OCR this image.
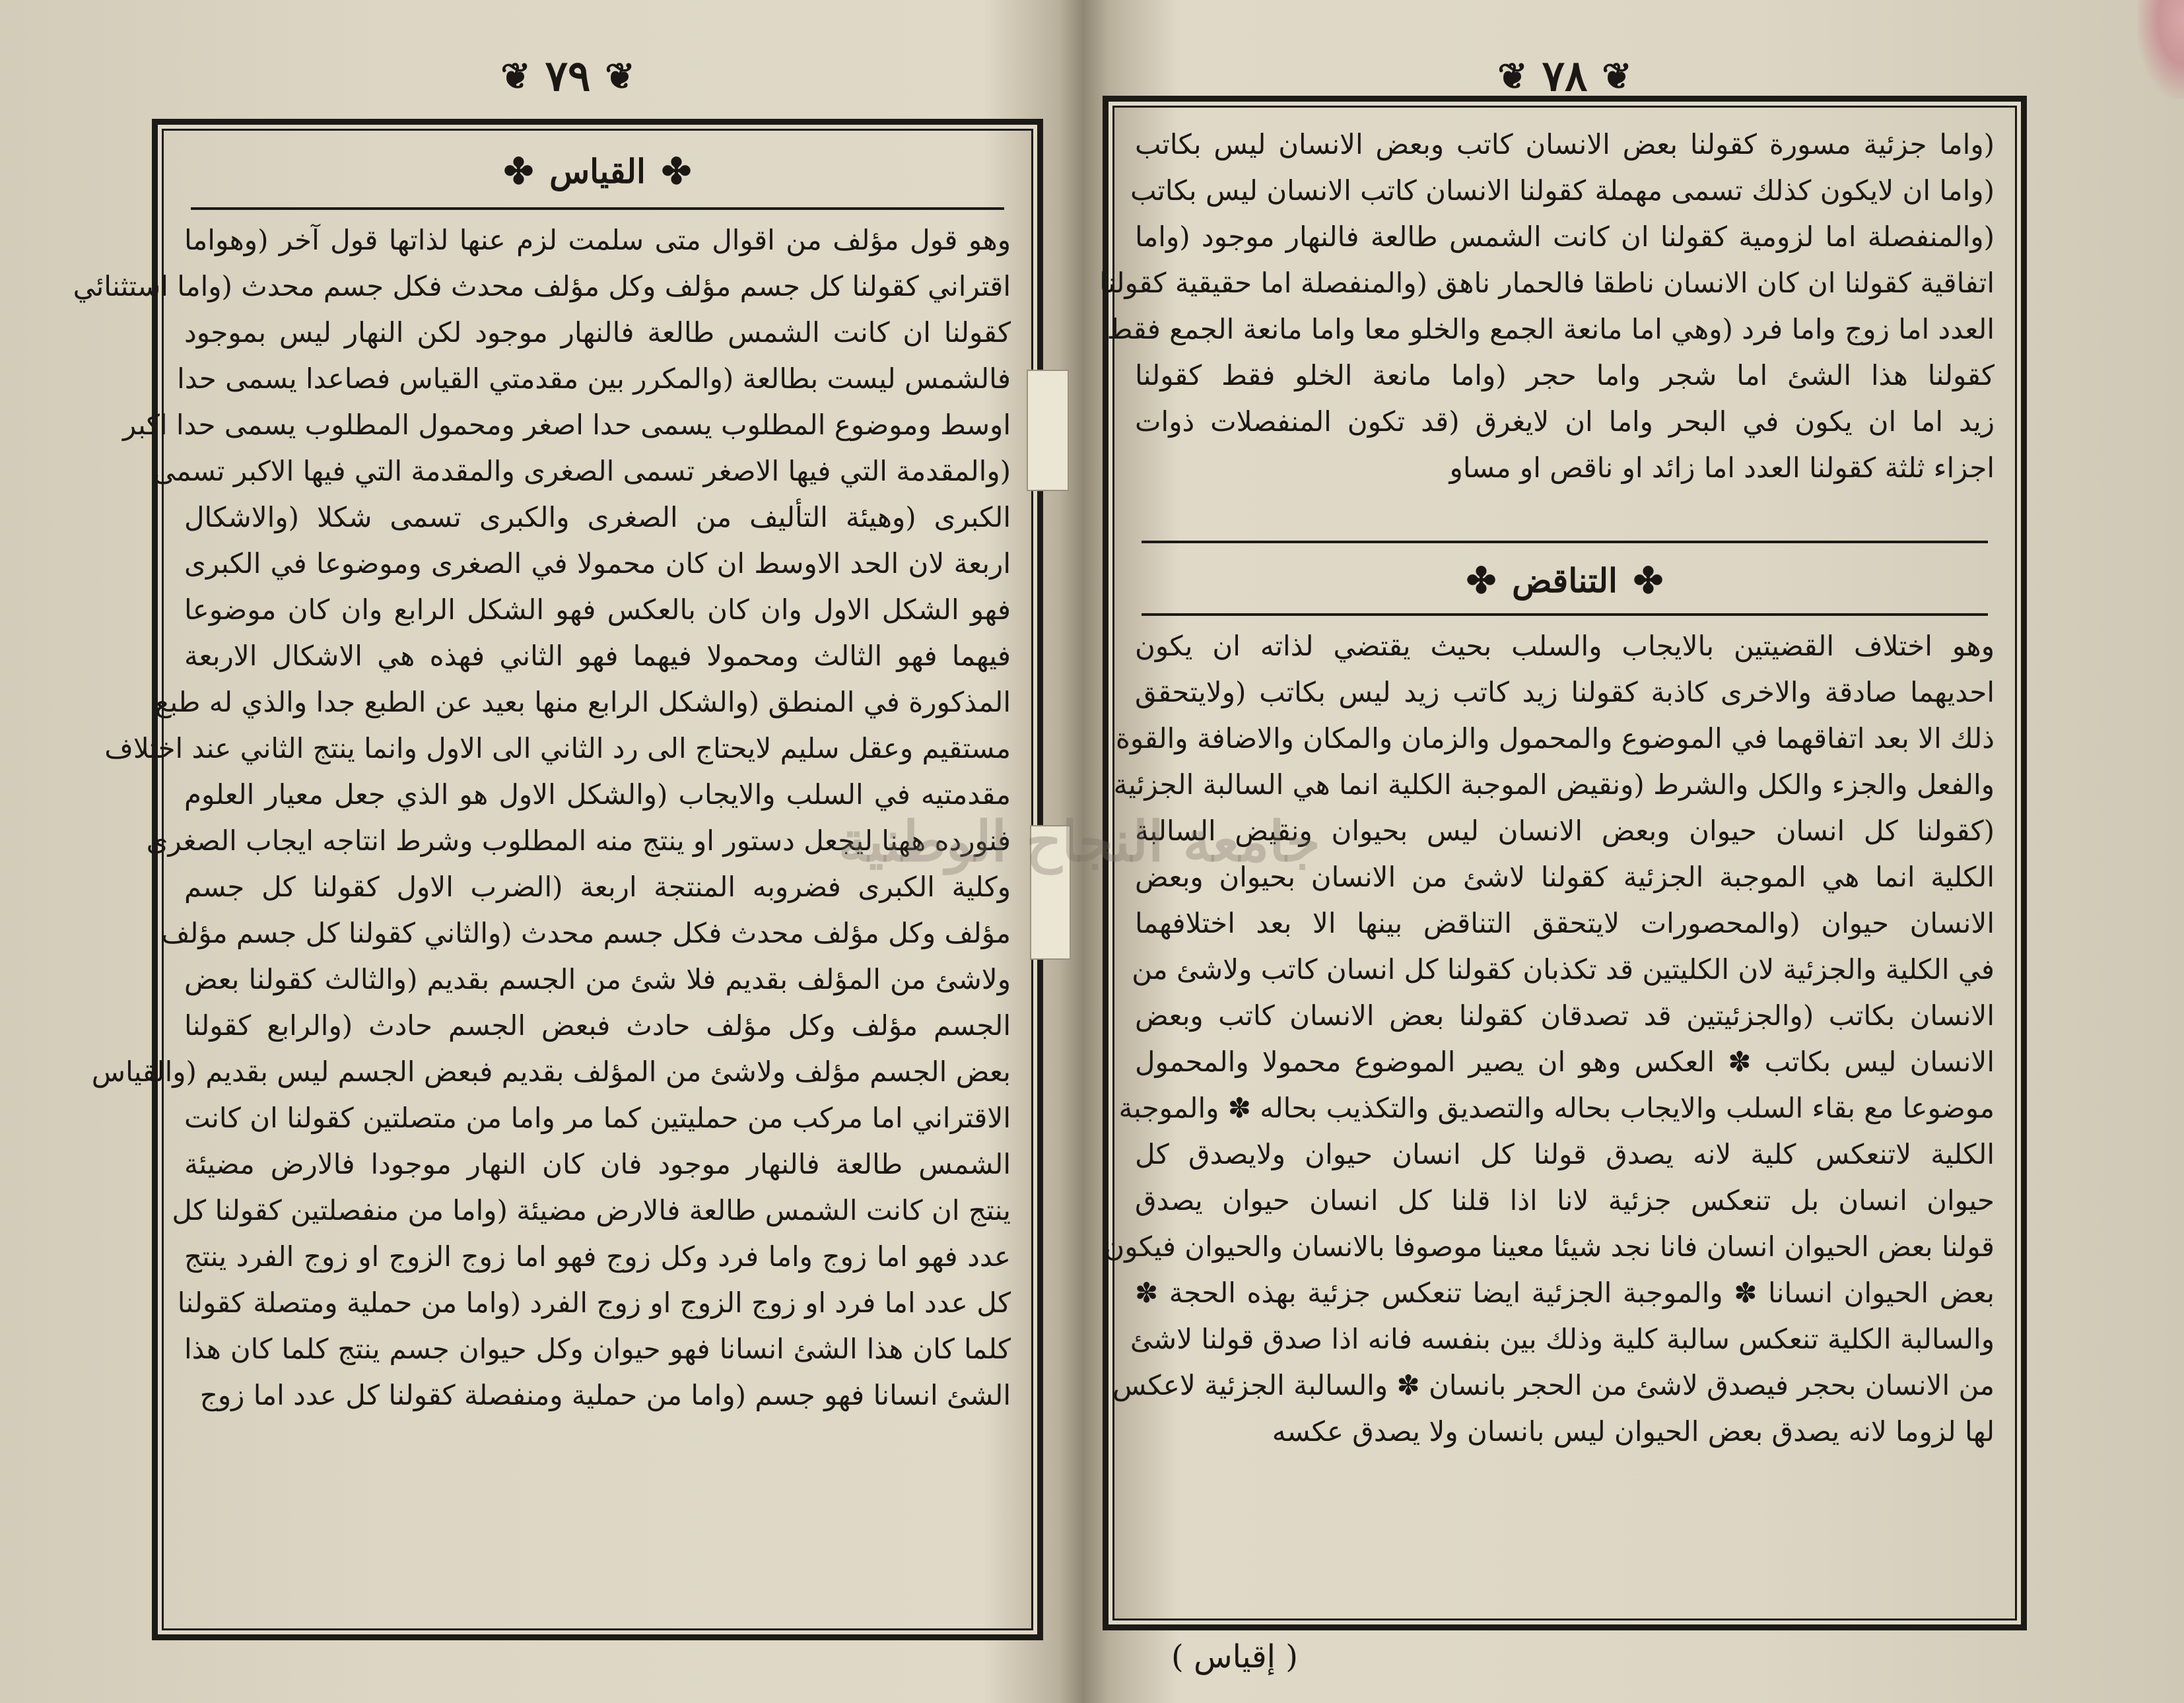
❦
٧٩
❦
✤
القياس
✤
وهو قول مؤلف من اقوال متى سلمت لزم عنها لذاتها قول آخر (وهواما
اقتراني كقولنا كل جسم مؤلف وكل مؤلف محدث فكل جسم محدث (واما استثنائي
كقولنا ان كانت الشمس طالعة فالنهار موجود لكن النهار ليس بموجود
فالشمس ليست بطالعة (والمكرر بين مقدمتي القياس فصاعدا يسمى حدا
اوسط وموضوع المطلوب يسمى حدا اصغر ومحمول المطلوب يسمى حدا اكبر
(والمقدمة التي فيها الاصغر تسمى الصغرى والمقدمة التي فيها الاكبر تسمى
الكبرى (وهيئة التأليف من الصغرى والكبرى تسمى شكلا (والاشكال
اربعة لان الحد الاوسط ان كان محمولا في الصغرى وموضوعا في الكبرى
فهو الشكل الاول وان كان بالعكس فهو الشكل الرابع وان كان موضوعا
فيهما فهو الثالث ومحمولا فيهما فهو الثاني فهذه هي الاشكال الاربعة
المذكورة في المنطق (والشكل الرابع منها بعيد عن الطبع جدا والذي له طبع
مستقيم وعقل سليم لايحتاج الى رد الثاني الى الاول وانما ينتج الثاني عند اختلاف
مقدمتيه في السلب والايجاب (والشكل الاول هو الذي جعل معيار العلوم
فنورده ههنا ليجعل دستور او ينتج منه المطلوب وشرط انتاجه ايجاب الصغرى
وكلية الكبرى فضروبه المنتجة اربعة (الضرب الاول كقولنا كل جسم
مؤلف وكل مؤلف محدث فكل جسم محدث (والثاني كقولنا كل جسم مؤلف
ولاشئ من المؤلف بقديم فلا شئ من الجسم بقديم (والثالث كقولنا بعض
الجسم مؤلف وكل مؤلف حادث فبعض الجسم حادث (والرابع كقولنا
بعض الجسم مؤلف ولاشئ من المؤلف بقديم فبعض الجسم ليس بقديم (والقياس
الاقتراني اما مركب من حمليتين كما مر واما من متصلتين كقولنا ان كانت
الشمس طالعة فالنهار موجود فان كان النهار موجودا فالارض مضيئة
ينتج ان كانت الشمس طالعة فالارض مضيئة (واما من منفصلتين كقولنا كل
عدد فهو اما زوج واما فرد وكل زوج فهو اما زوج الزوج او زوج الفرد ينتج
كل عدد اما فرد او زوج الزوج او زوج الفرد (واما من حملية ومتصلة كقولنا
كلما كان هذا الشئ انسانا فهو حيوان وكل حيوان جسم ينتج كلما كان هذا
الشئ انسانا فهو جسم (واما من حملية ومنفصلة كقولنا كل عدد اما زوج
❦
٧٨
❦
(واما جزئية مسورة كقولنا بعض الانسان كاتب وبعض الانسان ليس بكاتب
(واما ان لايكون كذلك تسمى مهملة كقولنا الانسان كاتب الانسان ليس بكاتب
(والمنفصلة اما لزومية كقولنا ان كانت الشمس طالعة فالنهار موجود (واما
اتفاقية كقولنا ان كان الانسان ناطقا فالحمار ناهق (والمنفصلة اما حقيقية كقولنا
العدد اما زوج واما فرد (وهي اما مانعة الجمع والخلو معا واما مانعة الجمع فقط
كقولنا هذا الشئ اما شجر واما حجر (واما مانعة الخلو فقط كقولنا
زيد اما ان يكون في البحر واما ان لايغرق (قد تكون المنفصلات ذوات
اجزاء ثلثة كقولنا العدد اما زائد او ناقص او مساو
✤
التناقض
✤
وهو اختلاف القضيتين بالايجاب والسلب بحيث يقتضي لذاته ان يكون
احديهما صادقة والاخرى كاذبة كقولنا زيد كاتب زيد ليس بكاتب (ولايتحقق
ذلك الا بعد اتفاقهما في الموضوع والمحمول والزمان والمكان والاضافة والقوة
والفعل والجزء والكل والشرط (ونقيض الموجبة الكلية انما هي السالبة الجزئية
(كقولنا كل انسان حيوان وبعض الانسان ليس بحيوان ونقيض السالبة
الكلية انما هي الموجبة الجزئية كقولنا لاشئ من الانسان بحيوان وبعض
الانسان حيوان (والمحصورات لايتحقق التناقض بينها الا بعد اختلافهما
في الكلية والجزئية لان الكليتين قد تكذبان كقولنا كل انسان كاتب ولاشئ من
الانسان بكاتب (والجزئيتين قد تصدقان كقولنا بعض الانسان كاتب وبعض
الانسان ليس بكاتب ✽ العكس وهو ان يصير الموضوع محمولا والمحمول
موضوعا مع بقاء السلب والايجاب بحاله والتصديق والتكذيب بحاله ✽ والموجبة
الكلية لاتنعكس كلية لانه يصدق قولنا كل انسان حيوان ولايصدق كل
حيوان انسان بل تنعكس جزئية لانا اذا قلنا كل انسان حيوان يصدق
قولنا بعض الحيوان انسان فانا نجد شيئا معينا موصوفا بالانسان والحيوان فيكون
بعض الحيوان انسانا ✽ والموجبة الجزئية ايضا تنعكس جزئية بهذه الحجة ✽
والسالبة الكلية تنعكس سالبة كلية وذلك بين بنفسه فانه اذا صدق قولنا لاشئ
من الانسان بحجر فيصدق لاشئ من الحجر بانسان ✽ والسالبة الجزئية لاعكس
لها لزوما لانه يصدق بعض الحيوان ليس بانسان ولا يصدق عكسه
( إقياس )
جامعة النجاح الوطنية
